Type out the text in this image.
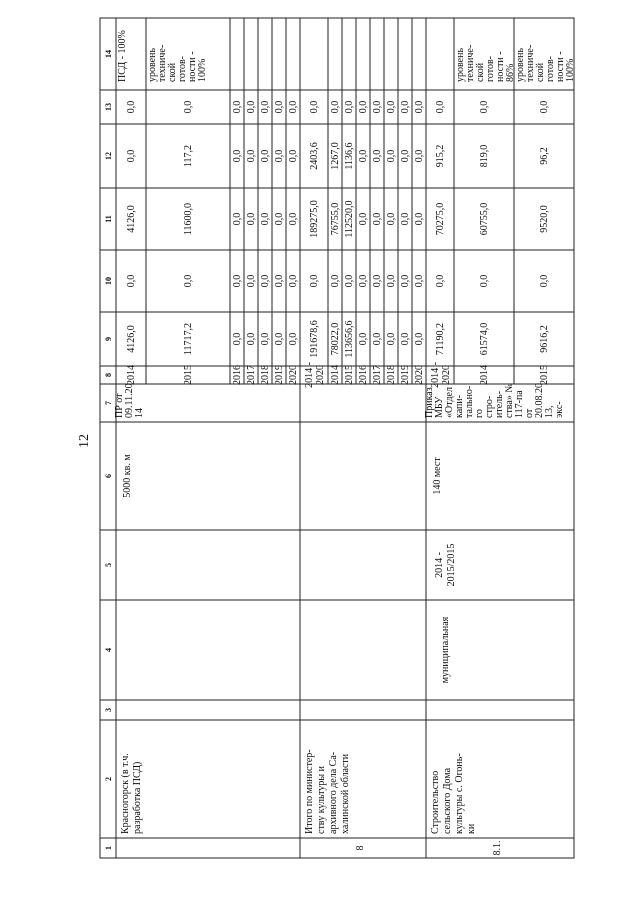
12
1
2
3
4
5
6
7
8
9
10
11
12
13
14
Красногорск (в т.ч. разработка ПСД)
5000 кв. м
ПР от 09.11.20 14
2014
4126,0
0,0
4126,0
0,0
0,0
ПСД - 100%
2015
11717,2
0,0
11600,0
117,2
0,0
уровень техниче- ской готов- ности - 100%
2016
0,0
0,0
0,0
0,0
0,0
2017
0,0
0,0
0,0
0,0
0,0
2018
0,0
0,0
0,0
0,0
0,0
2019
0,0
0,0
0,0
0,0
0,0
2020
0,0
0,0
0,0
0,0
0,0
8
Итого по министер- ству культуры и архивного дела Са- халинской области
2014 - 2020
191678,6
0,0
189275,0
2403,6
0,0
2014
78022,0
0,0
76755,0
1267,0
0,0
2015
113656,6
0,0
112520,0
1136,6
0,0
2016
0,0
0,0
0,0
0,0
0,0
2017
0,0
0,0
0,0
0,0
0,0
2018
0,0
0,0
0,0
0,0
0,0
2019
0,0
0,0
0,0
0,0
0,0
2020
0,0
0,0
0,0
0,0
0,0
8.1.
Строительство сельского Дома культуры с. Огонь- ки
муниципальная
2014 - 2015/2015
140 мест
Приказ МБУ «Отдел капи- тально- го стро- итель- ства» № 117-па от 20.08.20 13, экс-
2014 - 2020
71190,2
0,0
70275,0
915,2
0,0
2014
61574,0
0,0
60755,0
819,0
0,0
уровень техниче- ской готов- ности - 86%
2015
9616,2
0,0
9520,0
96,2
0,0
уровень техниче- ской готов- ности - 100%
